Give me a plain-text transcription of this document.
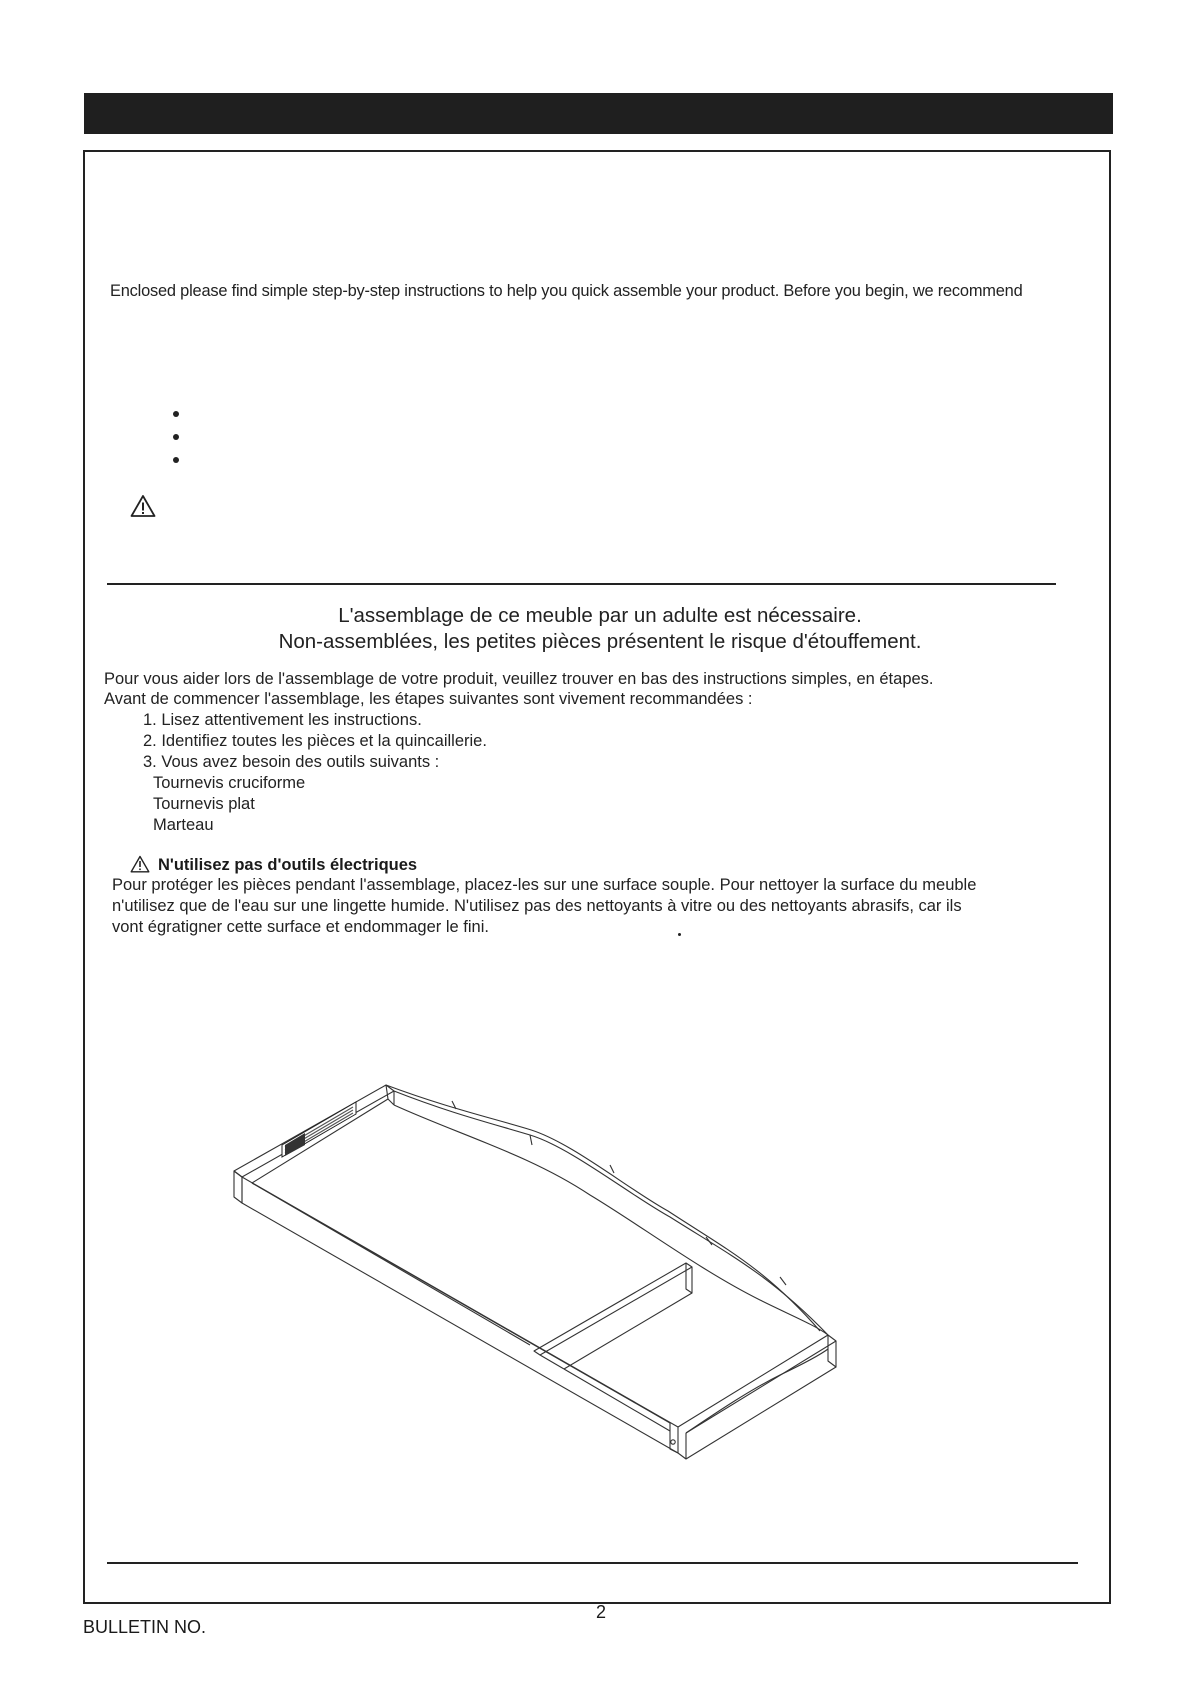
Enclosed please find simple step-by-step instructions to help you quick assemble your product. Before you begin, we recommend
L'assemblage de ce meuble par un adulte est nécessaire.
Non-assemblées, les petites pièces présentent le risque d'étouffement.
Pour vous aider lors de l'assemblage de votre produit, veuillez trouver en bas des instructions simples, en étapes.
Avant de commencer l'assemblage, les étapes suivantes sont vivement recommandées :
1. Lisez attentivement les instructions.
2. Identifiez toutes les pièces et la quincaillerie.
3. Vous avez besoin des outils suivants :
Tournevis cruciforme
Tournevis plat
Marteau
N'utilisez pas d'outils électriques
Pour protéger les pièces pendant l'assemblage, placez-les sur une surface souple. Pour nettoyer la surface du meuble
n'utilisez que de l'eau sur une lingette humide. N'utilisez pas des nettoyants à vitre ou des nettoyants abrasifs, car ils
vont égratigner cette surface et endommager le fini.
2
BULLETIN NO.
